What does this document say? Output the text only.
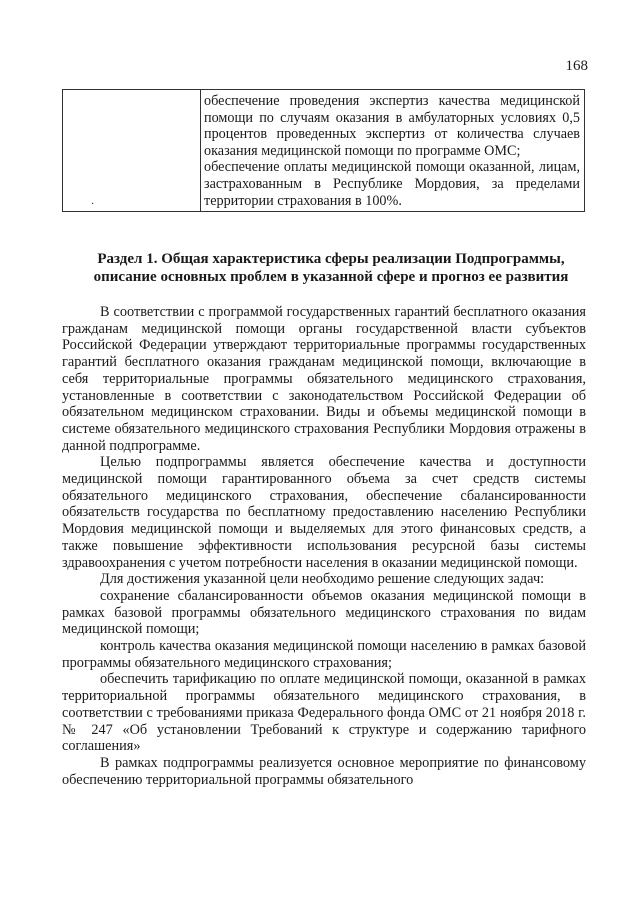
168
$_\cdot$	

обеспечение проведения экспертиз качества медицинской помощи по случаям оказания в амбулаторных условиях 0,5 процентов проведенных экспертиз от количества случаев оказания медицинской помощи по программе ОМС;

обеспечение оплаты медицинской помощи оказанной, лицам, застрахованным в Республике Мордовия, за пределами территории страхования в 100%.

Раздел 1. Общая характеристика сферы реализации Подпрограммы, описание основных проблем в указанной сфере и прогноз ее развития

В соответствии с программой государственных гарантий бесплатного оказания гражданам медицинской помощи органы государственной власти субъектов Российской Федерации утверждают территориальные программы государственных гарантий бесплатного оказания гражданам медицинской помощи, включающие в себя территориальные программы обязательного медицинского страхования, установленные в соответствии с законодательством Российской Федерации об обязательном медицинском страховании. Виды и объемы медицинской помощи в системе обязательного медицинского страхования Республики Мордовия отражены в данной подпрограмме.

Целью подпрограммы является обеспечение качества и доступности медицинской помощи гарантированного объема за счет средств системы обязательного медицинского страхования, обеспечение сбалансированности обязательств государства по бесплатному предоставлению населению Республики Мордовия медицинской помощи и выделяемых для этого финансовых средств, а также повышение эффективности использования ресурсной базы системы здравоохранения с учетом потребности населения в оказании медицинской помощи.

Для достижения указанной цели необходимо решение следующих задач:

сохранение сбалансированности объемов оказания медицинской помощи в рамках базовой программы обязательного медицинского страхования по видам медицинской помощи;

контроль качества оказания медицинской помощи населению в рамках базовой программы обязательного медицинского страхования;

обеспечить тарификацию по оплате медицинской помощи, оказанной в рамках территориальной программы обязательного медицинского страхования, в соответствии с требованиями приказа Федерального фонда ОМС от 21 ноября 2018 г. № 247 «Об установлении Требований к структуре и содержанию тарифного соглашения»

В рамках подпрограммы реализуется основное мероприятие по финансовому обеспечению территориальной программы обязательного
